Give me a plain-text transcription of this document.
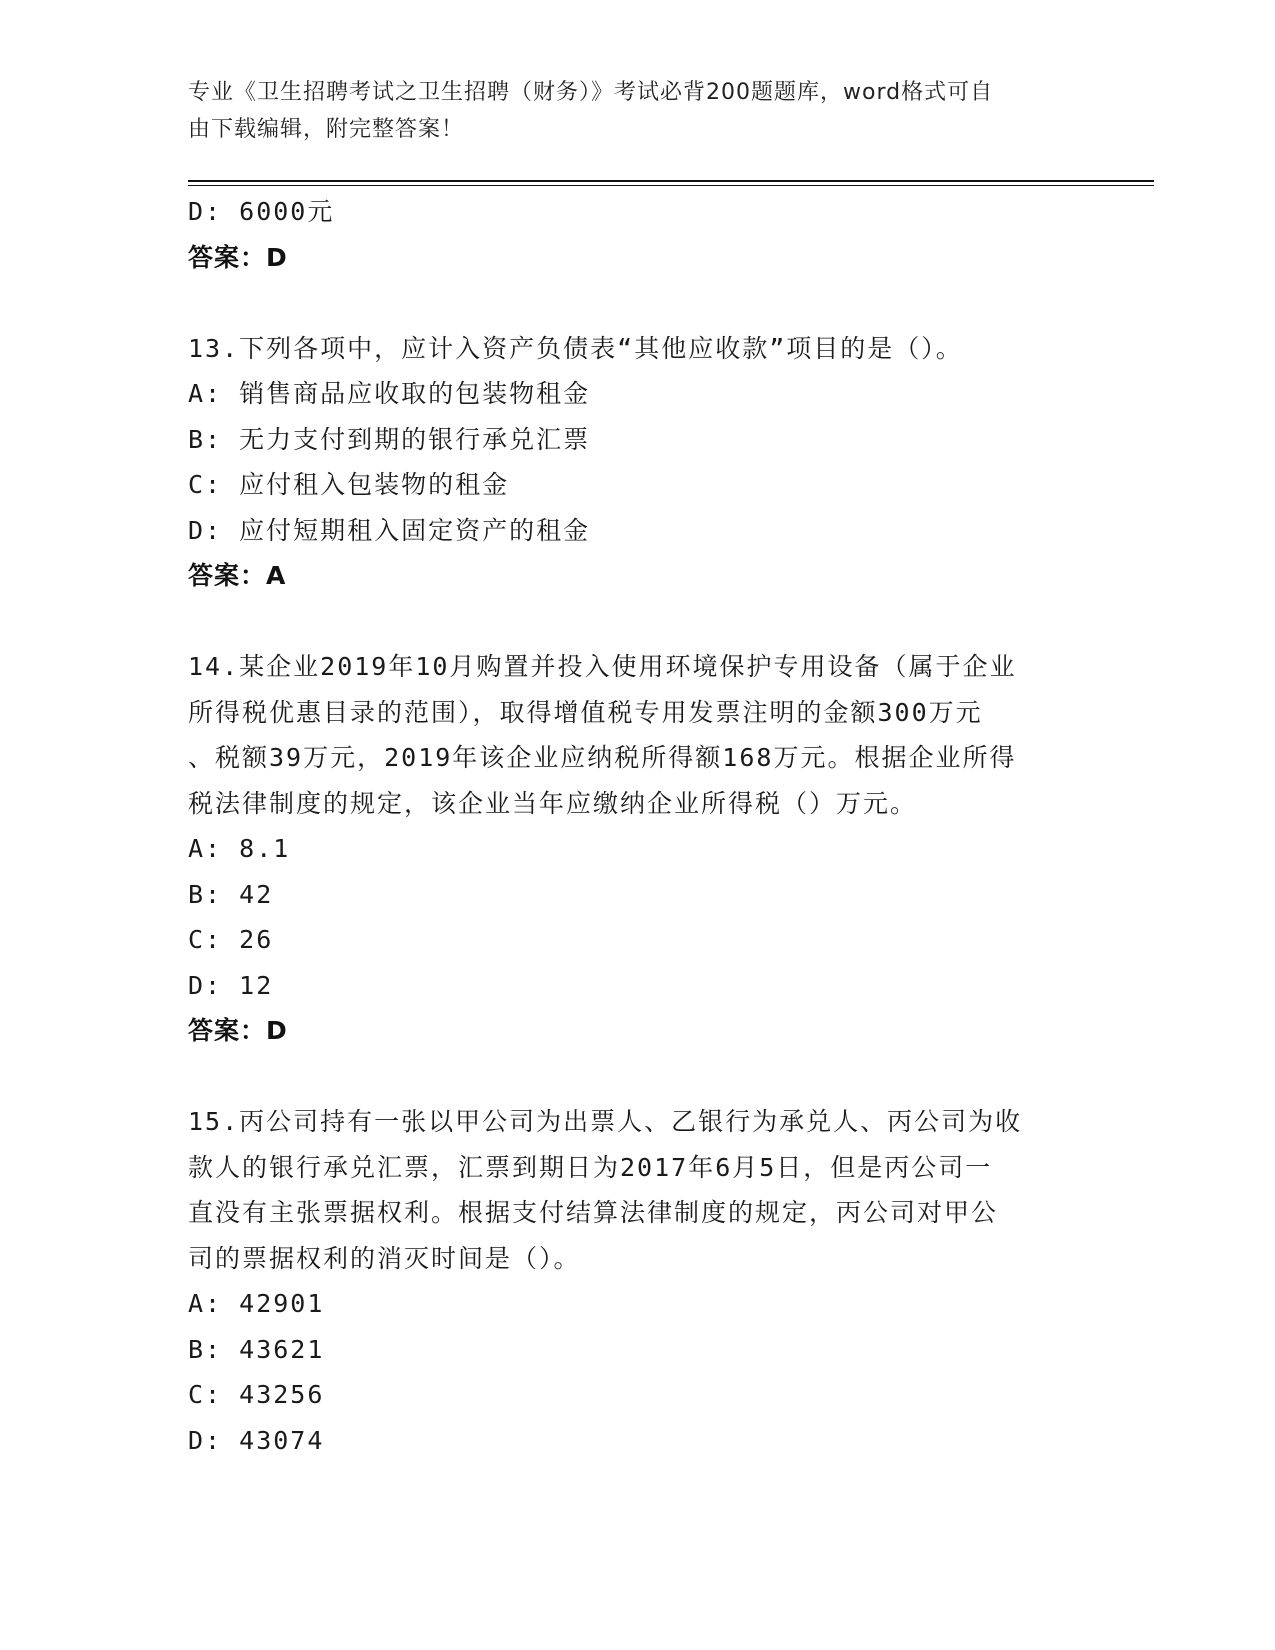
专业《卫生招聘考试之卫生招聘（财务）》考试必背200题题库，word格式可自
由下载编辑，附完整答案！
D: 6000元
答案：D
13.下列各项中，应计入资产负债表“其他应收款”项目的是（）。
A: 销售商品应收取的包装物租金
B: 无力支付到期的银行承兑汇票
C: 应付租入包装物的租金
D: 应付短期租入固定资产的租金
答案：A
14.某企业2019年10月购置并投入使用环境保护专用设备（属于企业
所得税优惠目录的范围），取得增值税专用发票注明的金额300万元
、税额39万元，2019年该企业应纳税所得额168万元。根据企业所得
税法律制度的规定，该企业当年应缴纳企业所得税（）万元。
A: 8.1
B: 42
C: 26
D: 12
答案：D
15.丙公司持有一张以甲公司为出票人、乙银行为承兑人、丙公司为收
款人的银行承兑汇票，汇票到期日为2017年6月5日，但是丙公司一
直没有主张票据权利。根据支付结算法律制度的规定，丙公司对甲公
司的票据权利的消灭时间是（）。
A: 42901
B: 43621
C: 43256
D: 43074
